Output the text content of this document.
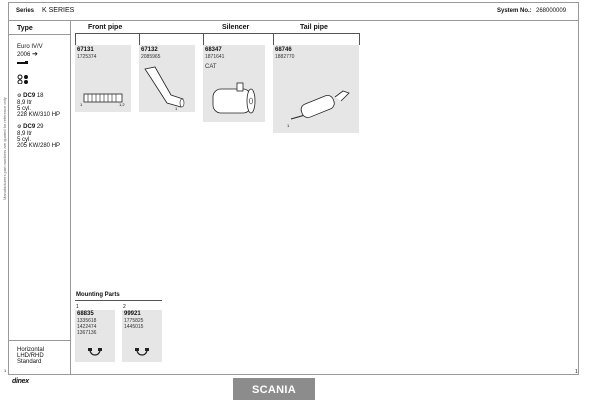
Series K SERIES	System No.: 268000009
Type
Euro IV/V
2006 ➔
⚙ DC9 18
8,9 ltr
5 cyl.
228 KW/310 HP
⚙ DC9 29
8,9 ltr
5 cyl.
205 KW/280 HP
Manufacturers part numbers are quoted for reference only
Horizontal
LHD/RHD
Standard
Front pipe	Silencer	Tail pipe
67131
1725374
1	1,2
67132
2085965
1
68347
1871641
CAT
68746
1882770
1
Mounting Parts
1
68835
1335618
1422474
1367136
2
99921
1775825
1445015
1
dinex
SCANIA
1
